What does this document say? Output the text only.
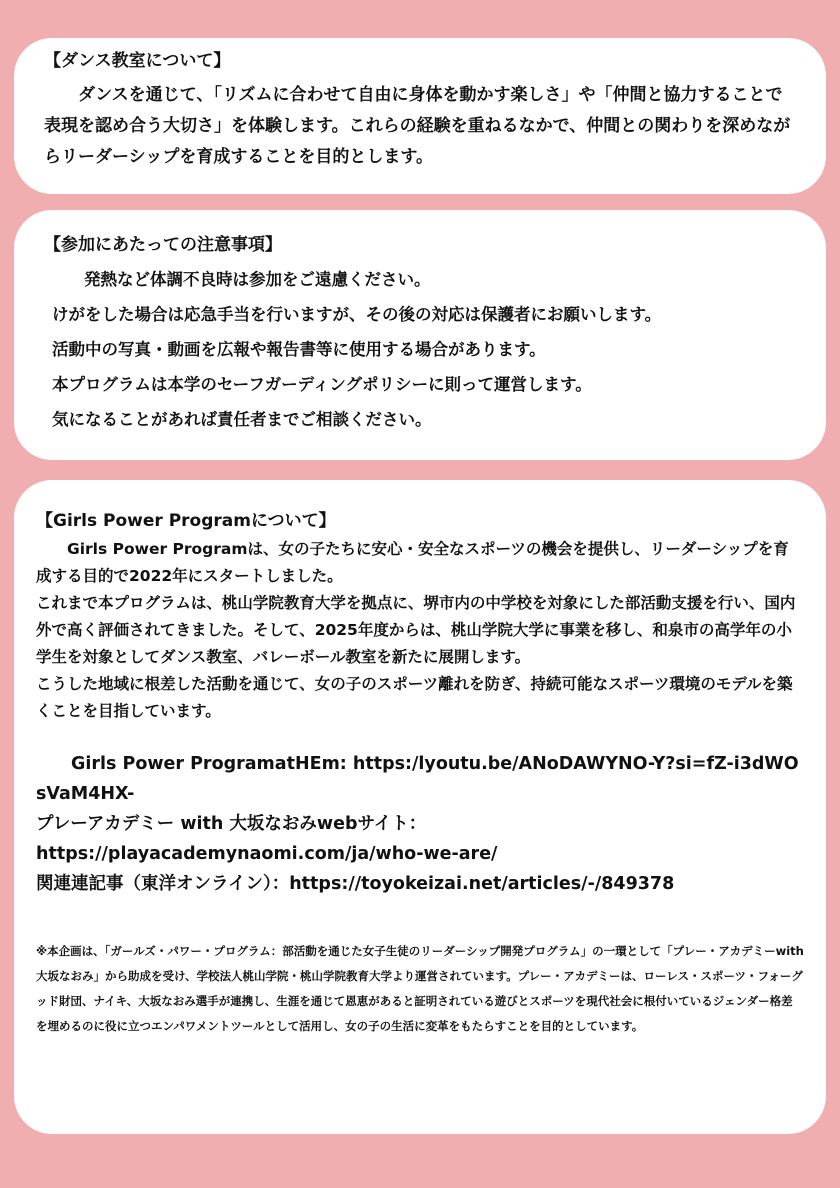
【ダンス教室について】

ダンスを通じて、「リズムに合わせて自由に身体を動かす楽しさ」や「仲間と協力することで表現を認め合う大切さ」を体験します。これらの経験を重ねるなかで、仲間との関わりを深めながらリーダーシップを育成することを目的とします。

【参加にあたっての注意事項】
発熱など体調不良時は参加をご遠慮ください。
けがをした場合は応急手当を行いますが、その後の対応は保護者にお願いします。
活動中の写真・動画を広報や報告書等に使用する場合があります。
本プログラムは本学のセーフガーディングポリシーに則って運営します。
気になることがあれば責任者までご相談ください。
【Girls Power Programについて】

Girls Power Programは、女の子たちに安心・安全なスポーツの機会を提供し、リーダーシップを育成する目的で2022年にスタートしました。

これまで本プログラムは、桃山学院教育大学を拠点に、堺市内の中学校を対象にした部活動支援を行い、国内外で高く評価されてきました。そして、2025年度からは、桃山学院大学に事業を移し、和泉市の高学年の小学生を対象としてダンス教室、バレーボール教室を新たに展開します。

こうした地域に根差した活動を通じて、女の子のスポーツ離れを防ぎ、持続可能なスポーツ環境のモデルを築くことを目指しています。

Girls Power ProgramatHEm: https:/lyoutu.be/ANoDAWYNO-Y?si=fZ-i3dWOsVaM4HX-
プレーアカデミー with 大坂なおみwebサイト：
https://playacademynaomi.com/ja/who-we-are/
関連連記事（東洋オンライン）：https://toyokeizai.net/articles/-/849378

※本企画は、「ガールズ・パワー・プログラム：部活動を通じた女子生徒のリーダーシップ開発プログラム」の一環として「プレー・アカデミーwith 大坂なおみ」から助成を受け、学校法人桃山学院・桃山学院教育大学より運営されています。プレー・アカデミーは、ローレス・スポーツ・フォーグッド財団、ナイキ、大坂なおみ選手が連携し、生涯を通じて恩恵があると証明されている遊びとスポーツを現代社会に根付いているジェンダー格差を埋めるのに役に立つエンパワメントツールとして活用し、女の子の生活に変革をもたらすことを目的としています。
